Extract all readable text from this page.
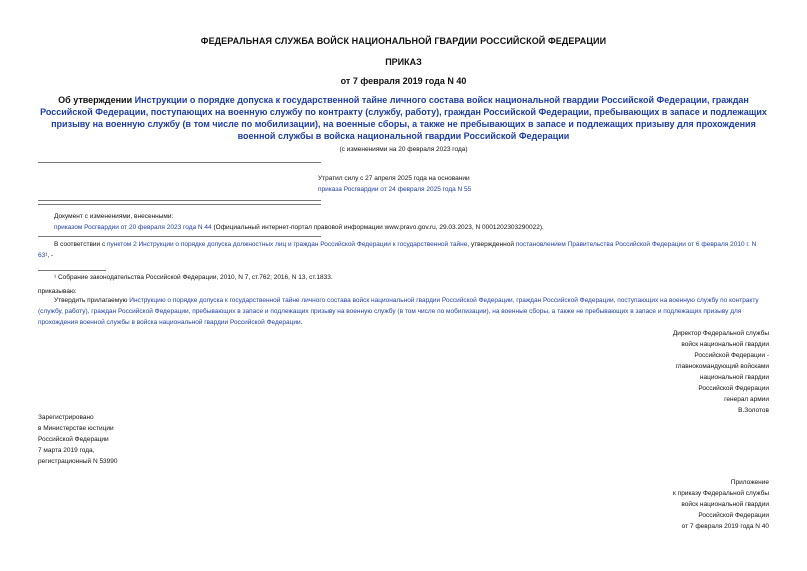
ФЕДЕРАЛЬНАЯ СЛУЖБА ВОЙСК НАЦИОНАЛЬНОЙ ГВАРДИИ РОССИЙСКОЙ ФЕДЕРАЦИИ
ПРИКАЗ
от 7 февраля 2019 года N 40
Об утверждении Инструкции о порядке допуска к государственной тайне личного состава войск национальной гвардии Российской Федерации, граждан Российской Федерации, поступающих на военную службу по контракту (службу, работу), граждан Российской Федерации, пребывающих в запасе и подлежащих призыву на военную службу (в том числе по мобилизации), на военные сборы, а также не пребывающих в запасе и подлежащих призыву для прохождения военной службы в войска национальной гвардии Российской Федерации
(с изменениями на 20 февраля 2023 года)
Утратил силу с 27 апреля 2025 года на основании
приказа Росгвардии от 24 февраля 2025 года N 55
Документ с изменениями, внесенными:
приказом Росгвардии от 20 февраля 2023 года N 44 (Официальный интернет-портал правовой информации www.pravo.gov.ru, 29.03.2023, N 0001202303290022).
В соответствии с пунктом 2 Инструкции о порядке допуска должностных лиц и граждан Российской Федерации к государственной тайне, утвержденной постановлением Правительства Российской Федерации от 6 февраля 2010 г. N 63¹, -
¹ Собрание законодательства Российской Федерации, 2010, N 7, ст.762; 2016, N 13, ст.1833.
приказываю:
Утвердить прилагаемую Инструкцию о порядке допуска к государственной тайне личного состава войск национальной гвардии Российской Федерации, граждан Российской Федерации, поступающих на военную службу по контракту (службу, работу), граждан Российской Федерации, пребывающих в запасе и подлежащих призыву на военную службу (в том числе по мобилизации), на военные сборы, а также не пребывающих в запасе и подлежащих призыву для прохождения военной службы в войска национальной гвардии Российской Федерации.
Директор Федеральной службы
войск национальной гвардии
Российской Федерации -
главнокомандующий войсками
национальной гвардии
Российской Федерации
генерал армии
В.Золотов
Зарегистрировано
в Министерстве юстиции
Российской Федерации
7 марта 2019 года,
регистрационный N 53990
Приложение
к приказу Федеральной службы
войск национальной гвардии
Российской Федерации
от 7 февраля 2019 года N 40
